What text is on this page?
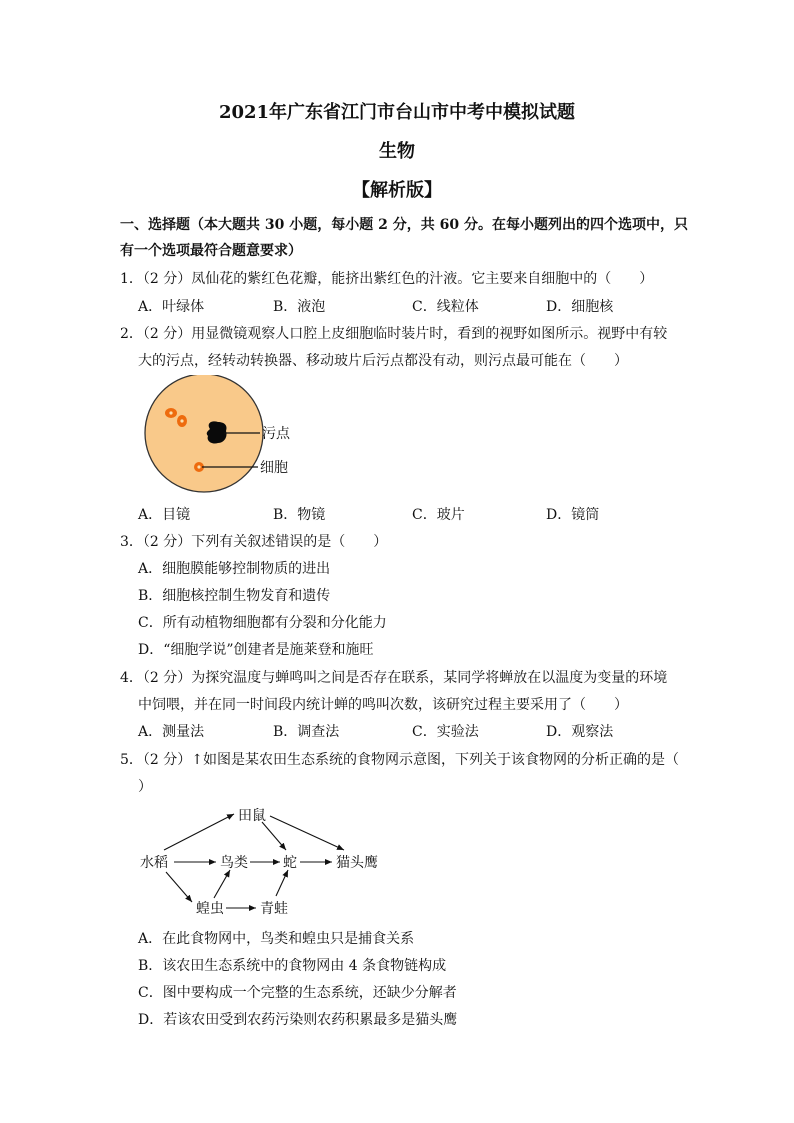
2021年广东省江门市台山市中考中模拟试题
生物
【解析版】
一、选择题（本大题共 30 小题，每小题 2 分，共 60 分。在每小题列出的四个选项中，只
有一个选项最符合题意要求）
1．（2 分）凤仙花的紫红色花瓣，能挤出紫红色的汁液。它主要来自细胞中的（　　）
A．叶绿体	B．液泡	C．线粒体	D．细胞核
2．（2 分）用显微镜观察人口腔上皮细胞临时装片时，看到的视野如图所示。视野中有较
大的污点，经转动转换器、移动玻片后污点都没有动，则污点最可能在（　　）
污点
细胞
A．目镜	B．物镜	C．玻片	D．镜筒
3．（2 分）下列有关叙述错误的是（　　）
A．细胞膜能够控制物质的进出
B．细胞核控制生物发育和遗传
C．所有动植物细胞都有分裂和分化能力
D．“细胞学说”创建者是施莱登和施旺
4．（2 分）为探究温度与蝉鸣叫之间是否存在联系，某同学将蝉放在以温度为变量的环境
中饲喂，并在同一时间段内统计蝉的鸣叫次数，该研究过程主要采用了（　　）
A．测量法	B．调查法	C．实验法	D．观察法
5．（2 分）↑如图是某农田生态系统的食物网示意图，下列关于该食物网的分析正确的是（
）
水稻
田鼠
鸟类	蛇	猫头鹰
蝗虫	青蛙
A．在此食物网中，鸟类和蝗虫只是捕食关系
B．该农田生态系统中的食物网由 4 条食物链构成
C．图中要构成一个完整的生态系统，还缺少分解者
D．若该农田受到农药污染则农药积累最多是猫头鹰
